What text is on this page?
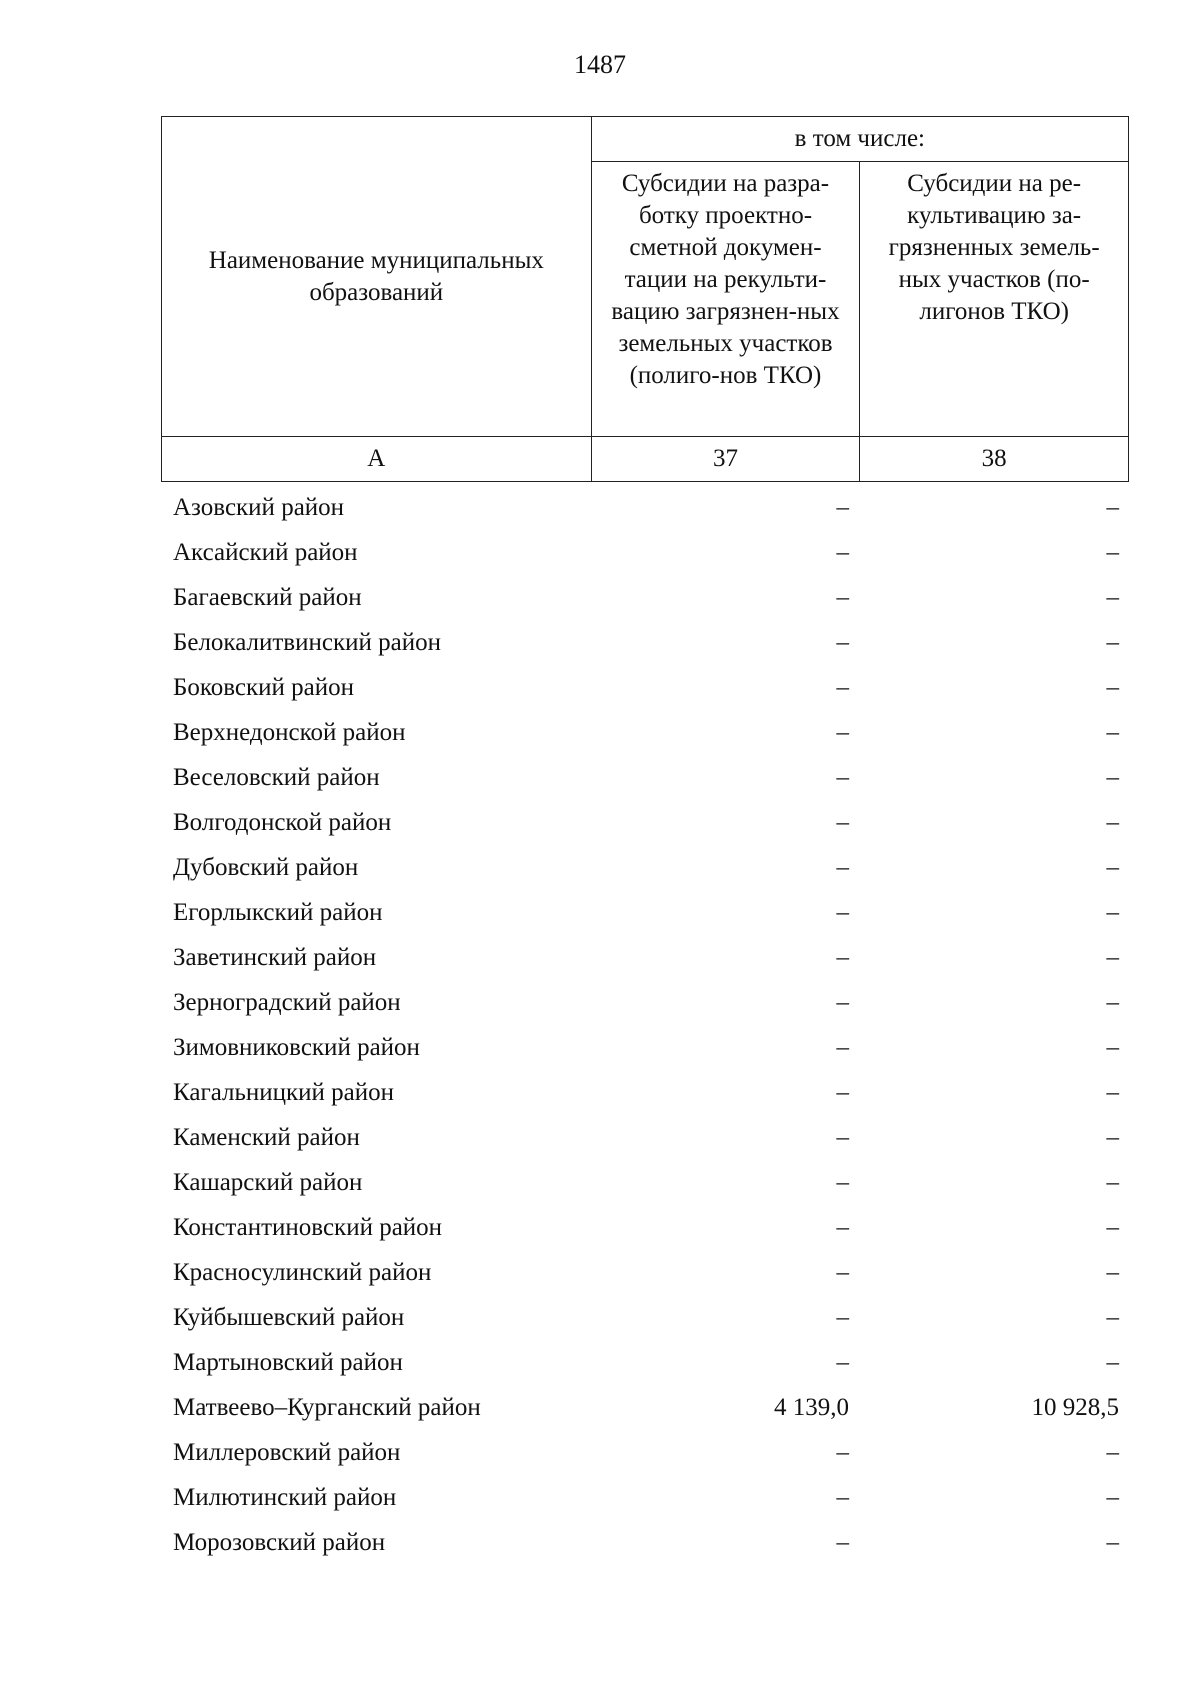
1487
Наименование муниципальных образований	в том числе:	
	Субсидии на разра-ботку проектно-сметной докумен-тации на рекульти-вацию загрязнен-ных земельных участков (полиго-нов ТКО)	Субсидии на ре-культивацию за-грязненных земель-ных участков (по-лигонов ТКО)
А	37	38
Азовский район	–	–
Аксайский район	–	–
Багаевский район	–	–
Белокалитвинский район	–	–
Боковский район	–	–
Верхнедонской район	–	–
Веселовский район	–	–
Волгодонской район	–	–
Дубовский район	–	–
Егорлыкский район	–	–
Заветинский район	–	–
Зерноградский район	–	–
Зимовниковский район	–	–
Кагальницкий район	–	–
Каменский район	–	–
Кашарский район	–	–
Константиновский район	–	–
Красносулинский район	–	–
Куйбышевский район	–	–
Мартыновский район	–	–
Матвеево–Курганский район	4 139,0	10 928,5
Миллеровский район	–	–
Милютинский район	–	–
Морозовский район	–	–
